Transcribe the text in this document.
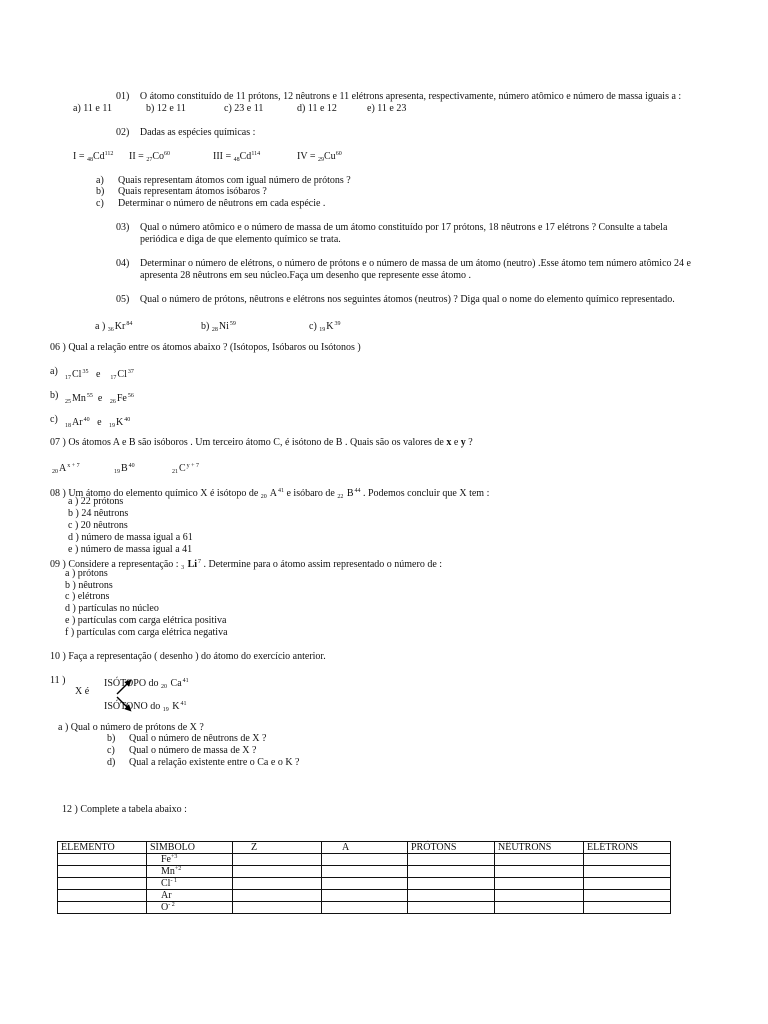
01) O átomo constituído de 11 prótons, 12 nêutrons e 11 elétrons apresenta, respectivamente, número atômico e número de massa iguais a :
a) 11 e 11	b) 12 e 11	c) 23 e 11	d) 11 e 12	e) 11 e 23
02) Dadas as espécies químicas :
$I = _{48}Cd^{112}$ II = $_{27}Co^{60}$	III = $_{48}Cd^{114}$	IV = $_{29}Cu^{60}$
a) Quais representam átomos com igual número de prótons ?
b) Quais representam átomos isóbaros ?
c) Determinar o número de nêutrons em cada espécie .
03) Qual o número atômico e o número de massa de um átomo constituído por 17 prótons, 18 nêutrons e 17 elétrons ? Consulte a tabela
periódica e diga de que elemento químico se trata.
04) Determinar o número de elétrons, o número de prótons e o número de massa de um átomo (neutro) .Esse átomo tem número atômico 24 e
apresenta 28 nêutrons em seu núcleo.Faça um desenho que represente esse átomo .
05) Qual o número de prótons, nêutrons e elétrons nos seguintes átomos (neutros) ? Diga qual o nome do elemento químico representado.
a ) 36Kr84	b) 28Ni59	c) 19K39
06 ) Qual a relação entre os átomos abaixo ? (Isótopos, Isóbaros ou Isótonos )
a)
17Cl35 e 17Cl37
b)
25Mn55 e 26Fe56
c)
18Ar40 e 19K40
07 ) Os átomos A e B são isóboros . Um terceiro átomo C, é isótono de B . Quais são os valores de x e y ?
20Ax + 7
19B40
21Cy + 7
08 ) Um átomo do elemento químico X é isótopo de 20 A41 e isóbaro de 22 B44 . Podemos concluir que X tem :
a ) 22 prótons
b ) 24 nêutrons
c ) 20 nêutrons
d ) número de massa igual a 61
e ) número de massa igual a 41
09 ) Considere a representação : 3 Li7 . Determine para o átomo assim representado o número de :
a ) prótons
b ) nêutrons
c ) elétrons
d ) partículas no núcleo
e ) partículas com carga elétrica positiva
f ) partículas com carga elétrica negativa
10 ) Faça a representação ( desenho ) do átomo do exercício anterior.
11 )
X é
ISÓTOPO do 20 Ca41
ISÓTONO do 19 K41
a ) Qual o número de prótons de X ?
b) Qual o número de nêutrons de X ?
c) Qual o número de massa de X ?
d) Qual a relação existente entre o Ca e o K ?
12 ) Complete a tabela abaixo :
ELEMENTO	SÍMBOLO	Z	A	PRÓTONS	NÊUTRONS	ELÉTRONS
	$Fe^{+3}$					
	$Mn^{+2}$					
	$Cl^{- 1}$					
	Ar					
	$O^{- 2}$					
